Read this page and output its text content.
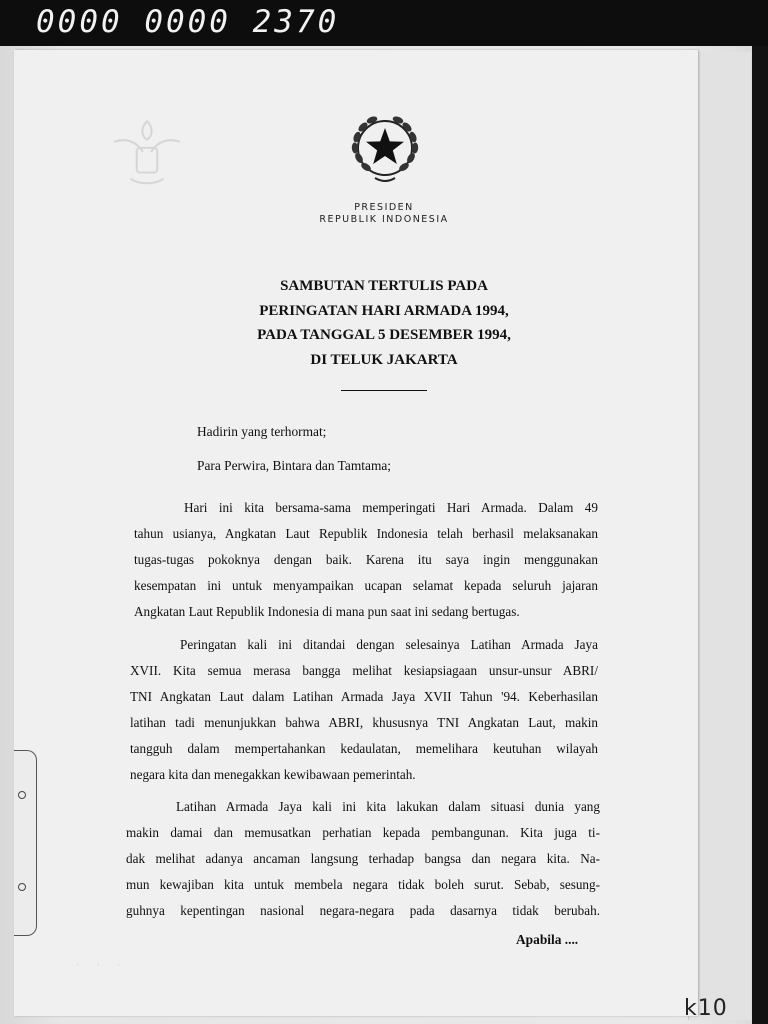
0000 0000 2370
PRESIDEN
REPUBLIK INDONESIA
SAMBUTAN TERTULIS PADA
PERINGATAN HARI ARMADA 1994,
PADA TANGGAL 5 DESEMBER 1994,
DI TELUK JAKARTA
Hadirin yang terhormat;
Para Perwira, Bintara dan Tamtama;
Hari ini kita bersama-sama memperingati Hari Armada. Dalam 49
tahun usianya, Angkatan Laut Republik Indonesia telah berhasil melaksanakan
tugas-tugas pokoknya dengan baik. Karena itu saya ingin menggunakan
kesempatan ini untuk menyampaikan ucapan selamat kepada seluruh jajaran
Angkatan Laut Republik Indonesia di mana pun saat ini sedang bertugas.
Peringatan kali ini ditandai dengan selesainya Latihan Armada Jaya
XVII. Kita semua merasa bangga melihat kesiapsiagaan unsur-unsur ABRI/
TNI Angkatan Laut dalam Latihan Armada Jaya XVII Tahun '94. Keberhasilan
latihan tadi menunjukkan bahwa ABRI, khususnya TNI Angkatan Laut, makin
tangguh dalam mempertahankan kedaulatan, memelihara keutuhan wilayah
negara kita dan menegakkan kewibawaan pemerintah.
Latihan Armada Jaya kali ini kita lakukan dalam situasi dunia yang
makin damai dan memusatkan perhatian kepada pembangunan. Kita juga ti-
dak melihat adanya ancaman langsung terhadap bangsa dan negara kita. Na-
mun kewajiban kita untuk membela negara tidak boleh surut. Sebab, sesung-
guhnya kepentingan nasional negara-negara pada dasarnya tidak berubah.
Apabila ....
· · ·
k10
